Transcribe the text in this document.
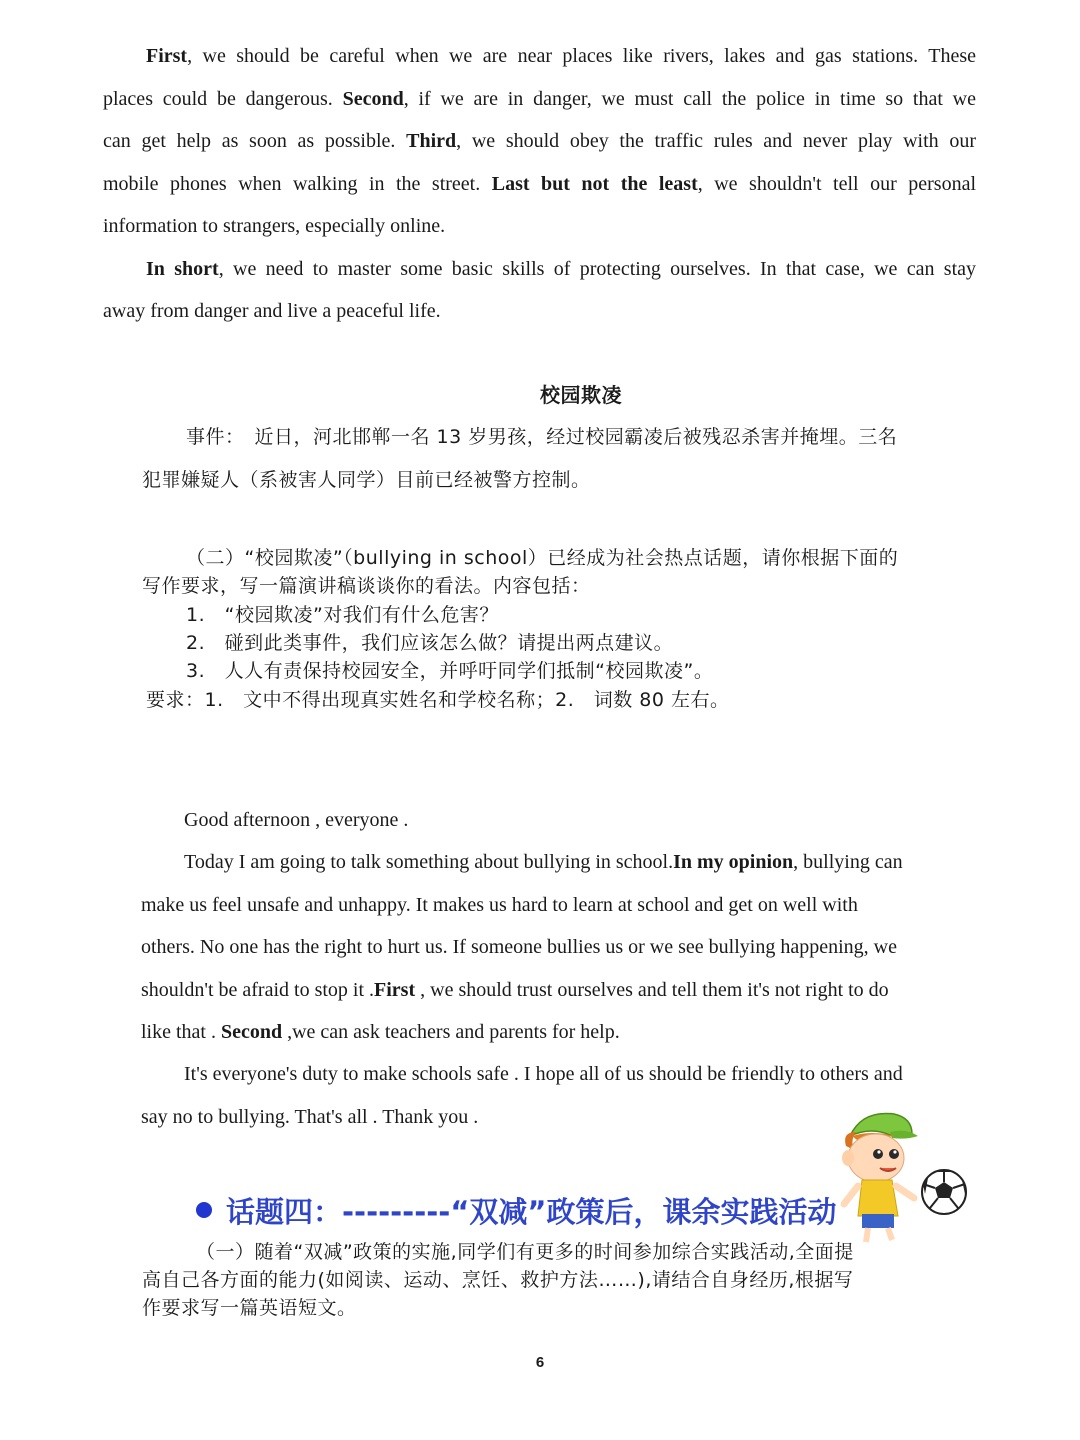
First, we should be careful when we are near places like rivers, lakes and gas stations. These

places could be dangerous. Second, if we are in danger, we must call the police in time so that we

can get help as soon as possible. Third, we should obey the traffic rules and never play with our

mobile phones when walking in the street. Last but not the least, we shouldn't tell our personal

information to strangers, especially online.

In short, we need to master some basic skills of protecting ourselves. In that case, we can stay

away from danger and live a peaceful life.

校园欺凌

事件：　近日，河北邯郸一名 13 岁男孩，经过校园霸凌后被残忍杀害并掩埋。三名

犯罪嫌疑人（系被害人同学）目前已经被警方控制。

（二）“校园欺凌”（bullying in school）已经成为社会热点话题，请你根据下面的

写作要求，写一篇演讲稿谈谈你的看法。内容包括：

1.　“校园欺凌”对我们有什么危害？

2.　碰到此类事件，我们应该怎么做？请提出两点建议。

3.　人人有责保持校园安全，并呼吁同学们抵制“校园欺凌”。

要求：1.　文中不得出现真实姓名和学校名称；2.　词数 80 左右。

Good afternoon , everyone .

Today I am going to talk something about bullying in school.In my opinion, bullying can

make us feel unsafe and unhappy. It makes us hard to learn at school and get on well with

others. No one has the right to hurt us. If someone bullies us or we see bullying happening, we

shouldn't be afraid to stop it .First , we should trust ourselves and tell them it's not right to do

like that . Second ,we can ask teachers and parents for help.

It's everyone's duty to make schools safe . I hope all of us should be friendly to others and

say no to bullying. That's all . Thank you .

话题四：---------“双减”政策后，课余实践活动

（一）随着“双减”政策的实施,同学们有更多的时间参加综合实践活动,全面提

高自己各方面的能力(如阅读、运动、烹饪、救护方法……),请结合自身经历,根据写

作要求写一篇英语短文。

6
